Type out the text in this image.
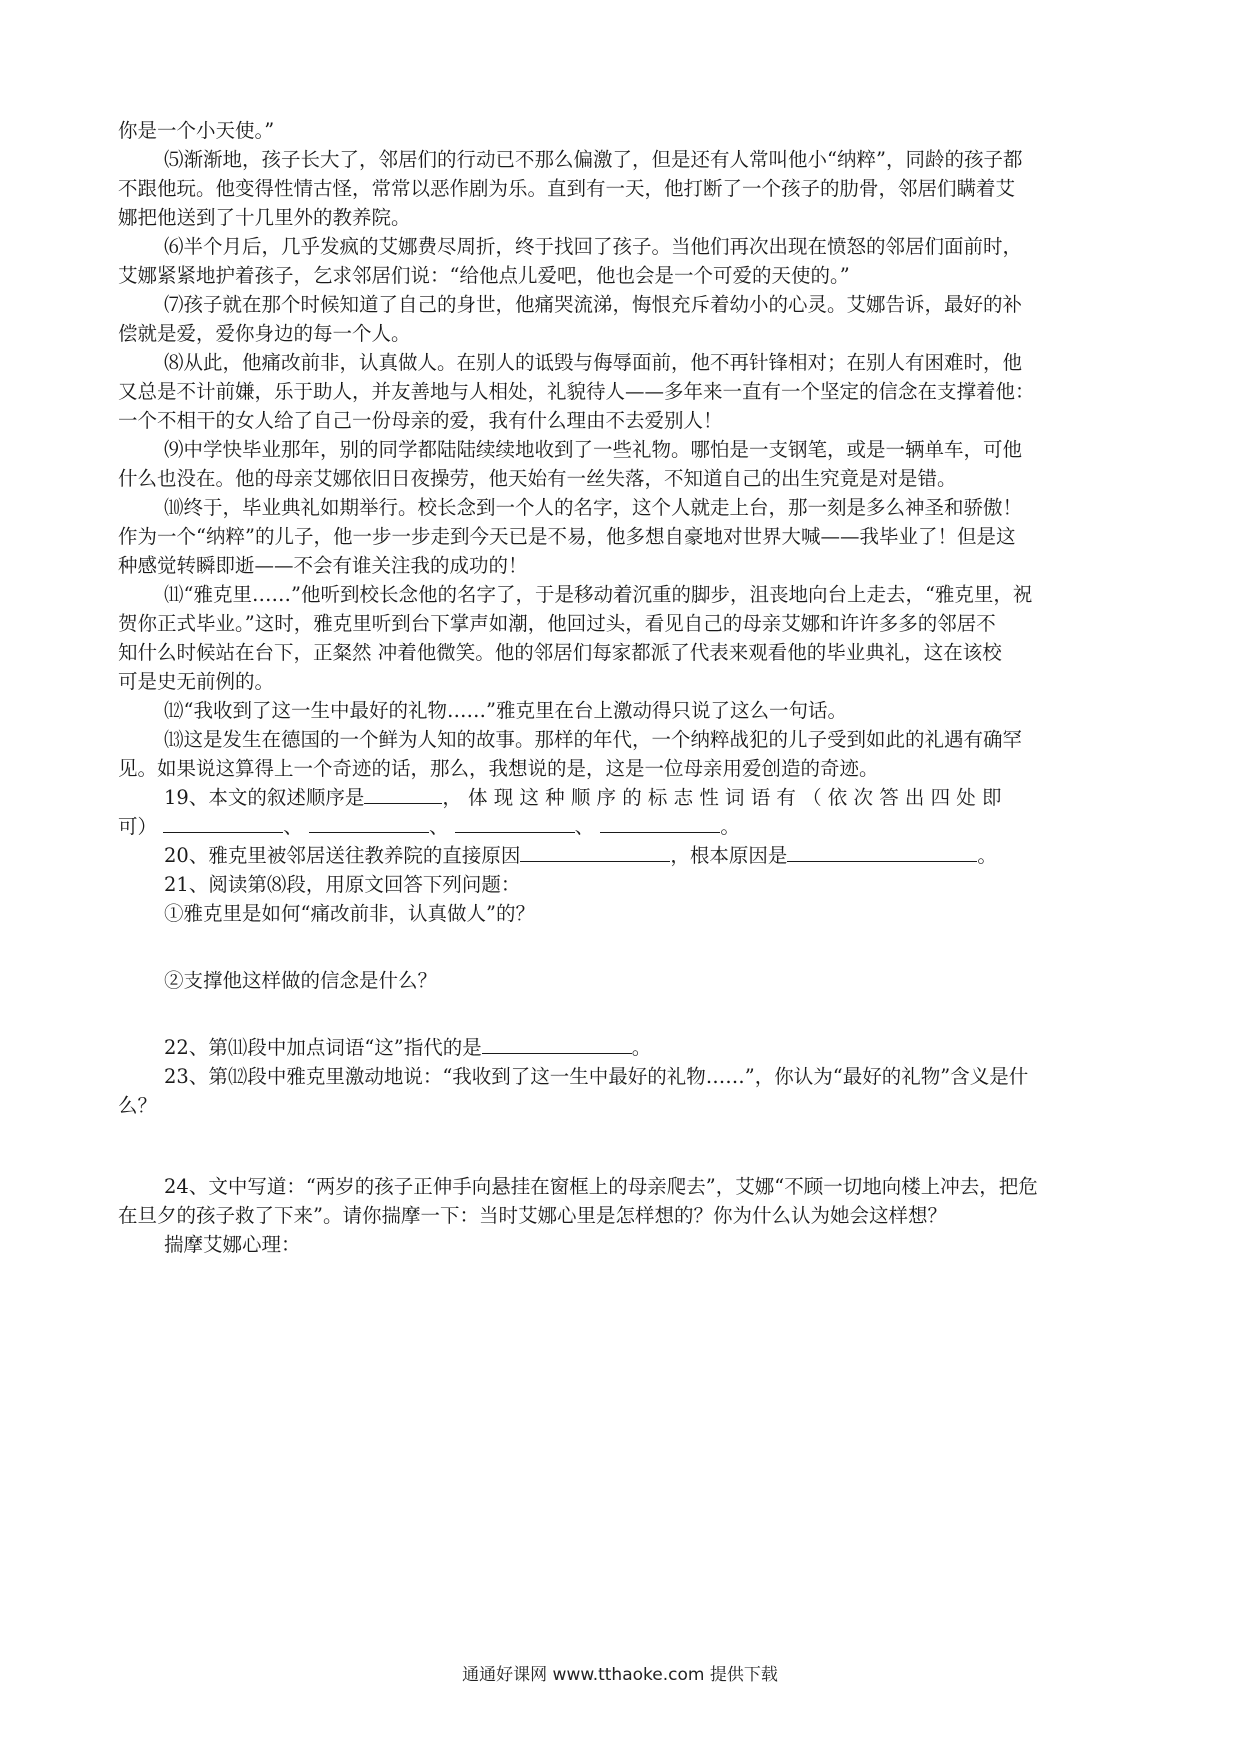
你是一个小天使。”
⑸渐渐地，孩子长大了，邻居们的行动已不那么偏激了，但是还有人常叫他小“纳粹”，同龄的孩子都
不跟他玩。他变得性情古怪，常常以恶作剧为乐。直到有一天，他打断了一个孩子的肋骨，邻居们瞒着艾
娜把他送到了十几里外的教养院。
⑹半个月后，几乎发疯的艾娜费尽周折，终于找回了孩子。当他们再次出现在愤怒的邻居们面前时，
艾娜紧紧地护着孩子，乞求邻居们说：“给他点儿爱吧，他也会是一个可爱的天使的。”
⑺孩子就在那个时候知道了自己的身世，他痛哭流涕，悔恨充斥着幼小的心灵。艾娜告诉，最好的补
偿就是爱，爱你身边的每一个人。
⑻从此，他痛改前非，认真做人。在别人的诋毁与侮辱面前，他不再针锋相对；在别人有困难时，他
又总是不计前嫌，乐于助人，并友善地与人相处，礼貌待人——多年来一直有一个坚定的信念在支撑着他：
一个不相干的女人给了自己一份母亲的爱，我有什么理由不去爱别人！
⑼中学快毕业那年，别的同学都陆陆续续地收到了一些礼物。哪怕是一支钢笔，或是一辆单车，可他
什么也没在。他的母亲艾娜依旧日夜操劳，他天始有一丝失落，不知道自己的出生究竟是对是错。
⑽终于，毕业典礼如期举行。校长念到一个人的名字，这个人就走上台，那一刻是多么神圣和骄傲！
作为一个“纳粹”的儿子，他一步一步走到今天已是不易，他多想自豪地对世界大喊——我毕业了！但是这
种感觉转瞬即逝——不会有谁关注我的成功的！
⑾“雅克里……”他听到校长念他的名字了，于是移动着沉重的脚步，沮丧地向台上走去，“雅克里，祝
贺你正式毕业。”这时，雅克里听到台下掌声如潮，他回过头，看见自己的母亲艾娜和许许多多的邻居不
知什么时候站在台下，正粲然 冲着他微笑。他的邻居们每家都派了代表来观看他的毕业典礼，这在该校
可是史无前例的。
⑿“我收到了这一生中最好的礼物……”雅克里在台上激动得只说了这么一句话。
⒀这是发生在德国的一个鲜为人知的故事。那样的年代，一个纳粹战犯的儿子受到如此的礼遇有确罕
见。如果说这算得上一个奇迹的话，那么，我想说的是，这是一位母亲用爱创造的奇迹。
19、本文的叙述顺序是	， 体 现 这 种 顺 序 的 标 志 性 词 语 有 （ 依 次 答 出 四 处 即
可）	、	、	、	。
20、雅克里被邻居送往教养院的直接原因	，根本原因是	。
21、阅读第⑻段，用原文回答下列问题：
①雅克里是如何“痛改前非，认真做人”的？
②支撑他这样做的信念是什么？
22、第⑾段中加点词语“这”指代的是	。
23、第⑿段中雅克里激动地说：“我收到了这一生中最好的礼物……”，你认为“最好的礼物”含义是什
么？
24、文中写道：“两岁的孩子正伸手向悬挂在窗框上的母亲爬去”，艾娜“不顾一切地向楼上冲去，把危
在旦夕的孩子救了下来”。请你揣摩一下：当时艾娜心里是怎样想的？你为什么认为她会这样想？
揣摩艾娜心理：
通通好课网 www.tthaoke.com 提供下载
